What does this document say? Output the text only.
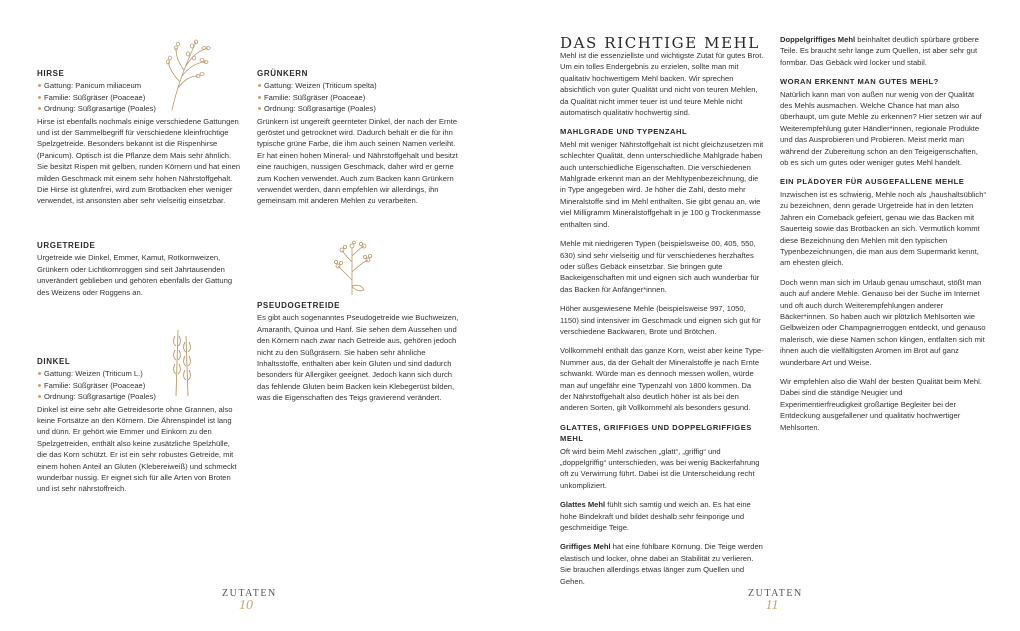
HIRSE
Gattung: Panicum miliaceum
Familie: Süßgräser (Poaceae)
Ordnung: Süßgrasartige (Poales)

Hirse ist ebenfalls nochmals einige verschiedene Gattungen und ist der Sammelbegriff für verschiedene kleinfrüchtige Spelzgetreide. Besonders bekannt ist die Rispenhirse (Panicum). Optisch ist die Pflanze dem Mais sehr ähnlich. Sie besitzt Rispen mit gelben, runden Körnern und hat einen milden Geschmack mit einem sehr hohen Nährstoffgehalt. Die Hirse ist glutenfrei, wird zum Brotbacken eher weniger verwendet, ist ansonsten aber sehr vielseitig einsetzbar.

URGETREIDE

Urgetreide wie Dinkel, Emmer, Kamut, Rotkornweizen, Grünkern oder Lichtkornroggen sind seit Jahrtausenden unverändert geblieben und gehören ebenfalls der Gattung des Weizens oder Roggens an.

DINKEL
Gattung: Weizen (Triticum L.)
Familie: Süßgräser (Poaceae)
Ordnung: Süßgrasartige (Poales)

Dinkel ist eine sehr alte Getreidesorte ohne Grannen, also keine Fortsätze an den Körnern. Die Ährenspindel ist lang und dünn. Er gehört wie Emmer und Einkorn zu den Spelzgetreiden, enthält also keine zusätzliche Spelzhülle, die das Korn schützt. Er ist ein sehr robustes Getreide, mit einem hohen Anteil an Gluten (Klebereiweiß) und schmeckt wunderbar nussig. Er eignet sich für alle Arten von Broten und ist sehr nährstoffreich.

GRÜNKERN
Gattung: Weizen (Triticum spelta)
Familie: Süßgräser (Poaceae)
Ordnung: Süßgrasartige (Poales)

Grünkern ist ungereift geernteter Dinkel, der nach der Ernte geröstet und getrocknet wird. Dadurch behält er die für ihn typische grüne Farbe, die ihm auch seinen Namen verleiht. Er hat einen hohen Mineral- und Nährstoffgehalt und besitzt eine rauchigen, nussigen Geschmack, daher wird er gerne zum Kochen verwendet. Auch zum Backen kann Grünkern verwendet werden, dann empfehlen wir allerdings, ihn gemeinsam mit anderen Mehlen zu verarbeiten.

PSEUDOGETREIDE

Es gibt auch sogenanntes Pseudogetreide wie Buchweizen, Amaranth, Quinoa und Hanf. Sie sehen dem Aussehen und den Körnern nach zwar nach Getreide aus, gehören jedoch nicht zu den Süßgräsern. Sie haben sehr ähnliche Inhaltsstoffe, enthalten aber kein Gluten und sind dadurch besonders für Allergiker geeignet. Jedoch kann sich durch das fehlende Gluten beim Backen kein Klebegerüst bilden, was die Eigenschaften des Teigs gravierend verändert.

ZUTATEN
10
DAS RICHTIGE MEHL

Mehl ist die essenziellste und wichtigste Zutat für gutes Brot. Um ein tolles Endergebnis zu erzielen, sollte man mit qualitativ hochwertigem Mehl backen. Wir sprechen absichtlich von guter Qualität und nicht von teuren Mehlen, da Qualität nicht immer teuer ist und teure Mehle nicht automatisch qualitativ hochwertig sind.

MAHLGRADE UND TYPENZAHL

Mehl mit weniger Nährstoffgehalt ist nicht gleichzusetzen mit schlechter Qualität, denn unterschiedliche Mahlgrade haben auch unterschiedliche Eigenschaften. Die verschiedenen Mahlgrade erkennt man an der Mehltypenbezeichnung, die in Type angegeben wird. Je höher die Zahl, desto mehr Mineralstoffe sind im Mehl enthalten. Sie gibt genau an, wie viel Milligramm Mineralstoffgehalt in je 100 g Trockenmasse enthalten sind.

Mehle mit niedrigeren Typen (beispielsweise 00, 405, 550, 630) sind sehr vielseitig und für verschiedenes herzhaftes oder süßes Gebäck einsetzbar. Sie bringen gute Backeigenschaften mit und eignen sich auch wunderbar für das Backen für Anfänger*innen.

Höher ausgewiesene Mehle (beispielsweise 997, 1050, 1150) sind intensiver im Geschmack und eignen sich gut für verschiedene Backwaren, Brote und Brötchen.

Vollkornmehl enthält das ganze Korn, weist aber keine Type-Nummer aus, da der Gehalt der Mineralstoffe je nach Ernte schwankt. Würde man es dennoch messen wollen, würde man auf ungefähr eine Typenzahl von 1800 kommen. Da der Nährstoffgehalt also deutlich höher ist als bei den anderen Sorten, gilt Vollkornmehl als besonders gesund.

GLATTES, GRIFFIGES UND DOPPELGRIFFIGES MEHL

Oft wird beim Mehl zwischen „glatt“, „griffig“ und „doppelgriffig“ unterschieden, was bei wenig Backerfahrung oft zu Verwirrung führt. Dabei ist die Unterscheidung recht unkompliziert.

Glattes Mehl fühlt sich samtig und weich an. Es hat eine hohe Bindekraft und bildet deshalb sehr feinporige und geschmeidige Teige.

Griffiges Mehl hat eine fühlbare Körnung. Die Teige werden elastisch und locker, ohne dabei an Stabilität zu verlieren. Sie brauchen allerdings etwas länger zum Quellen und Gehen.

Doppelgriffiges Mehl beinhaltet deutlich spürbare gröbere Teile. Es braucht sehr lange zum Quellen, ist aber sehr gut formbar. Das Gebäck wird locker und stabil.

WORAN ERKENNT MAN GUTES MEHL?

Natürlich kann man von außen nur wenig von der Qualität des Mehls ausmachen. Welche Chance hat man also überhaupt, um gute Mehle zu erkennen? Hier setzen wir auf Weiterempfehlung guter Händler*innen, regionale Produkte und das Ausprobieren und Probieren. Meist merkt man während der Zubereitung schon an den Teigeigenschaften, ob es sich um gutes oder weniger gutes Mehl handelt.

EIN PLÄDOYER FÜR AUSGEFALLENE MEHLE

Inzwischen ist es schwierig, Mehle noch als „haushaltsüblich“ zu bezeichnen, denn gerade Urgetreide hat in den letzten Jahren ein Comeback gefeiert, genau wie das Backen mit Sauerteig sowie das Brotbacken an sich. Vermutlich kommt diese Bezeichnung den Mehlen mit den typischen Typenbezeichnungen, die man aus dem Supermarkt kennt, am ehesten gleich.

Doch wenn man sich im Urlaub genau umschaut, stößt man auch auf andere Mehle. Genauso bei der Suche im Internet und oft auch durch Weiterempfehlungen anderer Bäcker*innen. So haben auch wir plötzlich Mehlsorten wie Gelbweizen oder Champagnerroggen entdeckt, und genauso malerisch, wie diese Namen schon klingen, entfalten sich mit ihnen auch die vielfältigsten Aromen im Brot auf ganz wunderbare Art und Weise.

Wir empfehlen also die Wahl der besten Qualität beim Mehl. Dabei sind die ständige Neugier und Experimentierfreudigkeit großartige Begleiter bei der Entdeckung ausgefallener und qualitativ hochwertiger Mehlsorten.

ZUTATEN
11
